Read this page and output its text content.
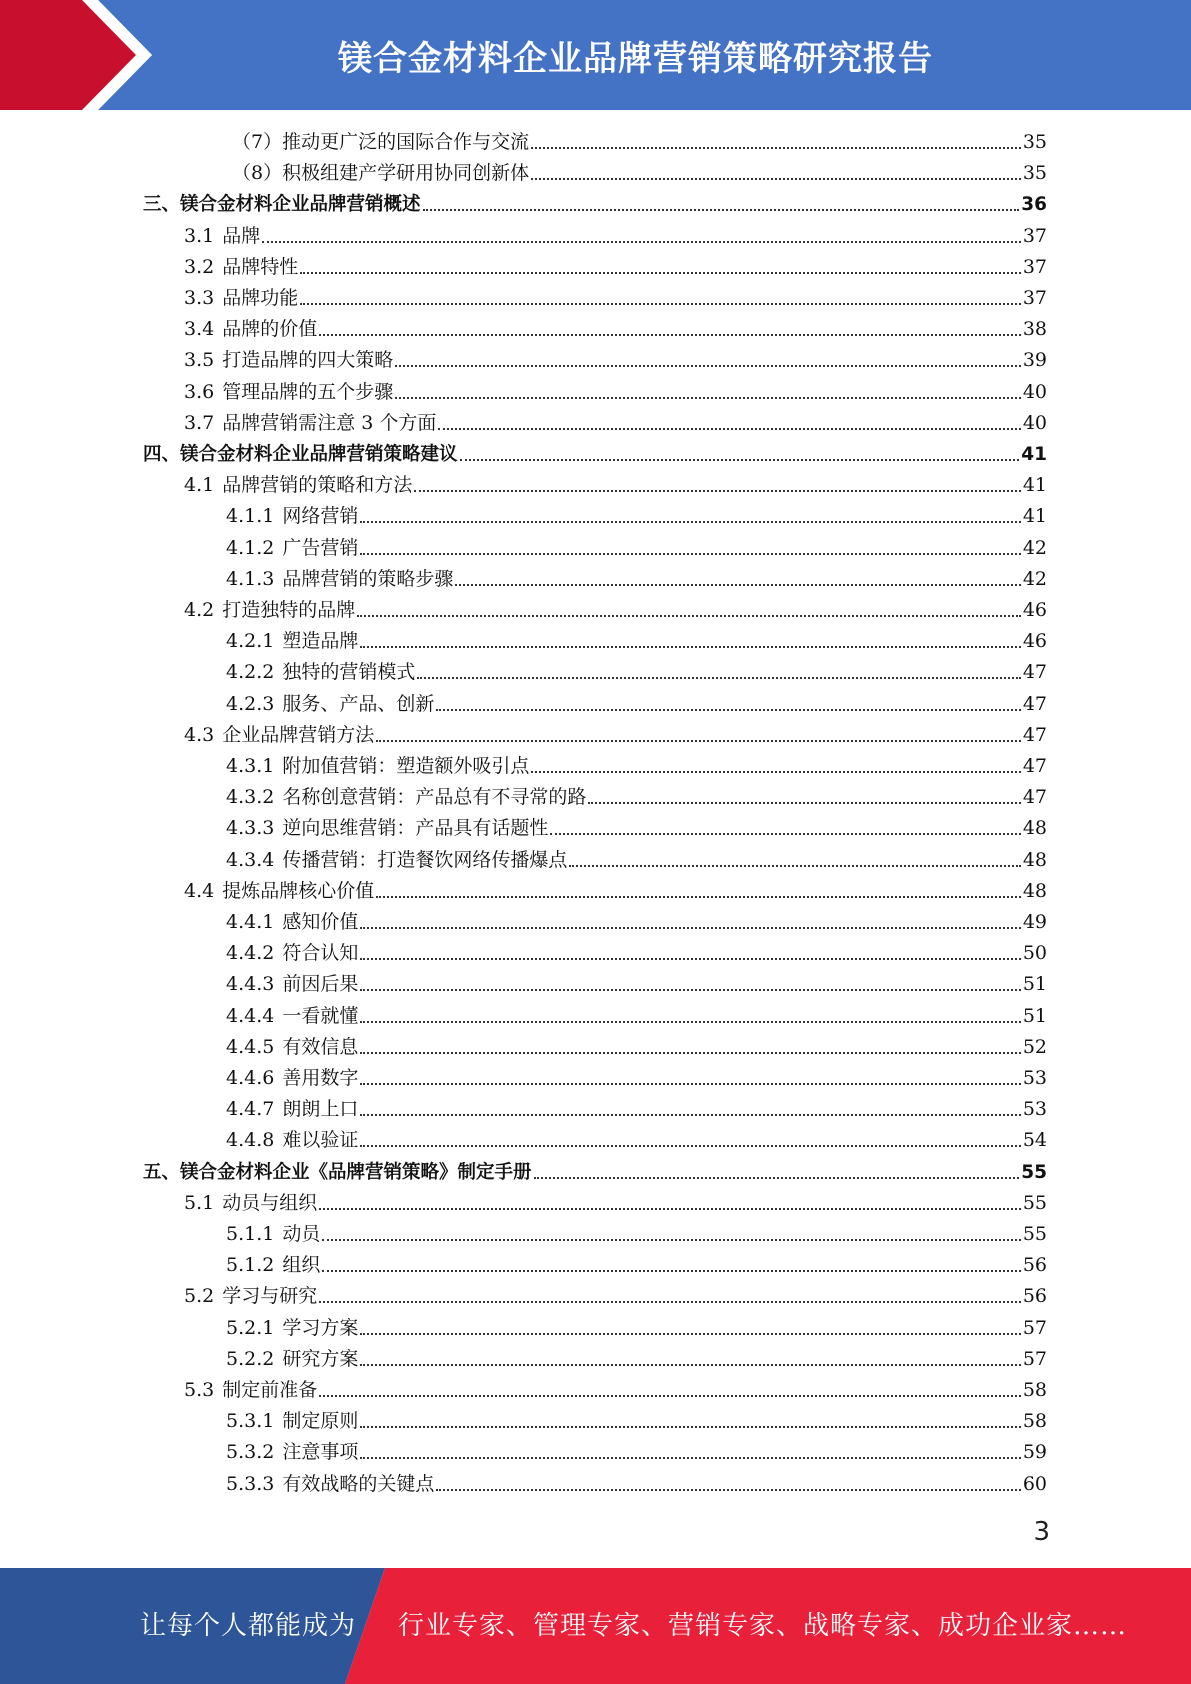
镁合金材料企业品牌营销策略研究报告
（7）推动更广泛的国际合作与交流	35
（8）积极组建产学研用协同创新体	35
三、镁合金材料企业品牌营销概述	36
3.1 品牌	37
3.2 品牌特性	37
3.3 品牌功能	37
3.4 品牌的价值	38
3.5 打造品牌的四大策略	39
3.6 管理品牌的五个步骤	40
3.7 品牌营销需注意 3 个方面	40
四、镁合金材料企业品牌营销策略建议	41
4.1 品牌营销的策略和方法	41
4.1.1 网络营销	41
4.1.2 广告营销	42
4.1.3 品牌营销的策略步骤	42
4.2 打造独特的品牌	46
4.2.1 塑造品牌	46
4.2.2 独特的营销模式	47
4.2.3 服务、产品、创新	47
4.3 企业品牌营销方法	47
4.3.1 附加值营销：塑造额外吸引点	47
4.3.2 名称创意营销：产品总有不寻常的路	47
4.3.3 逆向思维营销：产品具有话题性	48
4.3.4 传播营销：打造餐饮网络传播爆点	48
4.4 提炼品牌核心价值	48
4.4.1 感知价值	49
4.4.2 符合认知	50
4.4.3 前因后果	51
4.4.4 一看就懂	51
4.4.5 有效信息	52
4.4.6 善用数字	53
4.4.7 朗朗上口	53
4.4.8 难以验证	54
五、镁合金材料企业《品牌营销策略》制定手册	55
5.1 动员与组织	55
5.1.1 动员	55
5.1.2 组织	56
5.2 学习与研究	56
5.2.1 学习方案	57
5.2.2 研究方案	57
5.3 制定前准备	58
5.3.1 制定原则	58
5.3.2 注意事项	59
5.3.3 有效战略的关键点	60
3
让每个人都能成为 行业专家、管理专家、营销专家、战略专家、成功企业家……
